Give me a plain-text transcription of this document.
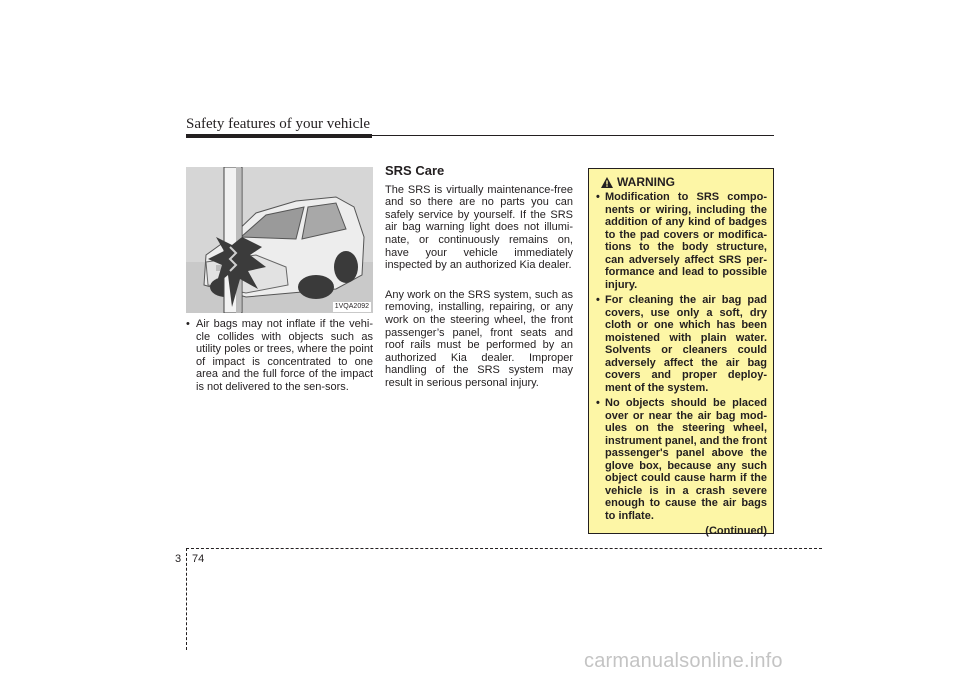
Safety features of your vehicle
1VQA2092
• Air bags may not inflate if the vehi-cle collides with objects such as utility poles or trees, where the point of impact is concentrated to one area and the full force of the impact is not delivered to the sen-sors.
SRS Care
The SRS is virtually maintenance-free and so there are no parts you can safely service by yourself. If the SRS air bag warning light does not illumi-nate, or continuously remains on, have your vehicle immediately inspected by an authorized Kia dealer.
Any work on the SRS system, such as removing, installing, repairing, or any work on the steering wheel, the front passenger’s panel, front seats and roof rails must be performed by an authorized Kia dealer. Improper handling of the SRS system may result in serious personal injury.
WARNING
• Modification to SRS compo-nents or wiring, including the addition of any kind of badges to the pad covers or modifica-tions to the body structure, can adversely affect SRS per-formance and lead to possible injury.
• For cleaning the air bag pad covers, use only a soft, dry cloth or one which has been moistened with plain water. Solvents or cleaners could adversely affect the air bag covers and proper deploy-ment of the system.
• No objects should be placed over or near the air bag mod-ules on the steering wheel, instrument panel, and the front passenger's panel above the glove box, because any such object could cause harm if the vehicle is in a crash severe enough to cause the air bags to inflate.
(Continued)
3 74
carmanualsonline.info
